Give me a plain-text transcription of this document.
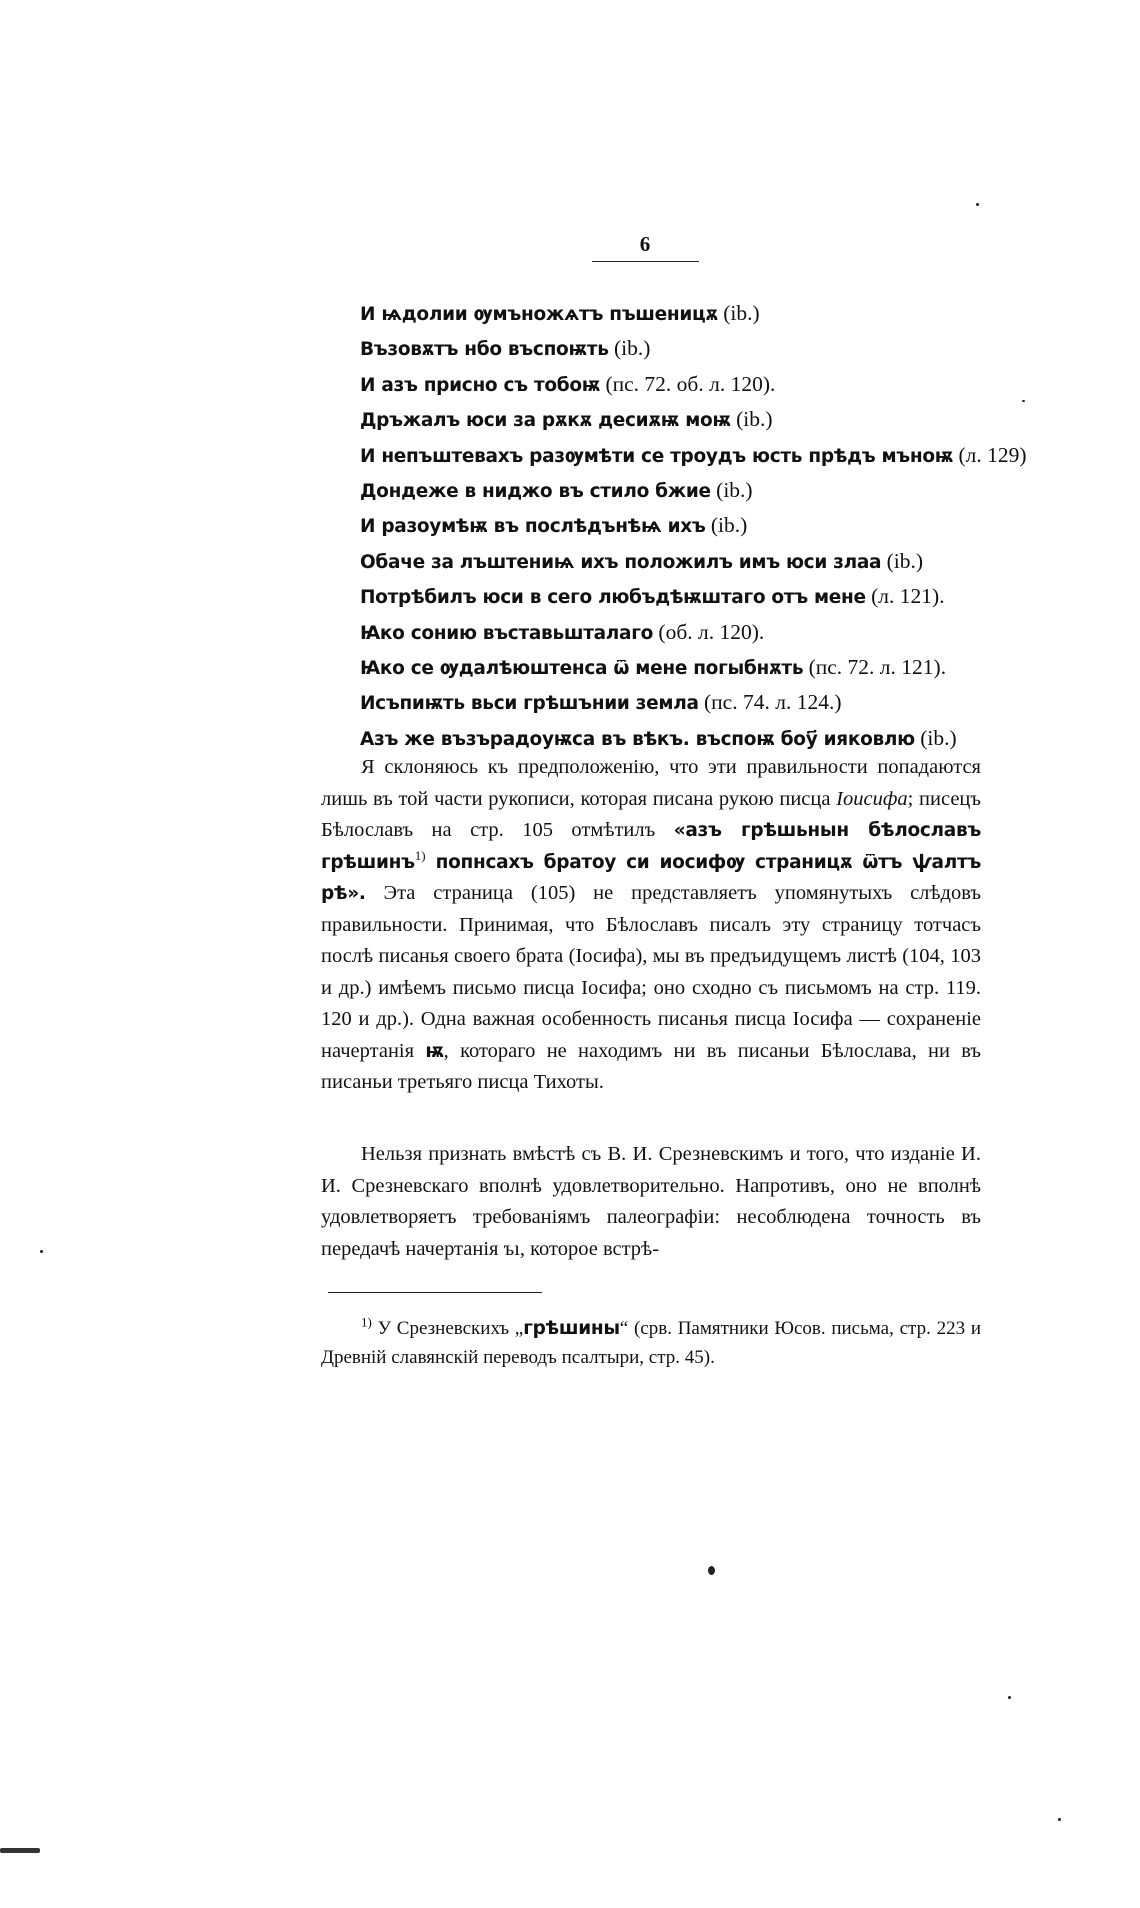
6
И ѩдолии ѹмъножѧтъ пъшеницѫ (ib.)
Възовѫтъ нбо въспоѭть (ib.)
И азъ присно съ тобоѭ (пс. 72. об. л. 120).
Дръжалъ юси за рѫкѫ десиѫѭ моѭ (ib.)
И непъштевахъ разѹмѣти се троудъ юсть прѣдъ мъноѭ (л. 129)
Дондеже в ниджо въ стило бжие (ib.)
И разоумѣѭ въ послѣдънѣѩ ихъ (ib.)
Обаче за лъштениѩ ихъ положилъ имъ юси злаа (ib.)
Потрѣбилъ юси в сего любъдѣѭштаго отъ мене (л. 121).
Ꙗко сонию въставьшталаго (об. л. 120).
Ꙗко се ѹдалѣюштенса ѿ мене погыбнѫть (пс. 72. л. 121).
Исъпиѭть вьси грѣшънии земла (пс. 74. л. 124.)
Азъ же възърадоуѭса въ вѣкъ. въспоѭ боу҃ ияковлю (ib.)

Я склоняюсь къ предположенію, что эти правильности попадаются лишь въ той части рукописи, которая писана рукою писца Іоисифа; писецъ Бѣлославъ на стр. 105 отмѣтилъ «азъ грѣшьнын бѣлославъ грѣшинъ$^{1)}$ попнсахъ братоу си иосифѹ страницѫ ѿтъ ѱалтъ рѣ». Эта страница (105) не представляетъ упомянутыхъ слѣдовъ правильности. Принимая, что Бѣлославъ писалъ эту страницу тотчасъ послѣ писанья своего брата (Іосифа), мы въ предъидущемъ листѣ (104, 103 и др.) имѣемъ письмо писца Іосифа; оно сходно съ письмомъ на стр. 119. 120 и др.). Одна важная особенность писанья писца Іосифа — сохраненіе начертанія ѭ, котораго не находимъ ни въ писаньи Бѣлослава, ни въ писаньи третьяго писца Тихоты.

Нельзя признать вмѣстѣ съ В. И. Срезневскимъ и того, что изданіе И. И. Срезневскаго вполнѣ удовлетворительно. Напротивъ, оно не вполнѣ удовлетворяетъ требованіямъ палеографіи: несоблюдена точность въ передачѣ начертанія ъı, которое встрѣ-

$^{1)}$ У Срезневскихъ „грѣшины“ (срв. Памятники Юсов. письма, стр. 223 и Древній славянскій переводъ псалтыри, стр. 45).
